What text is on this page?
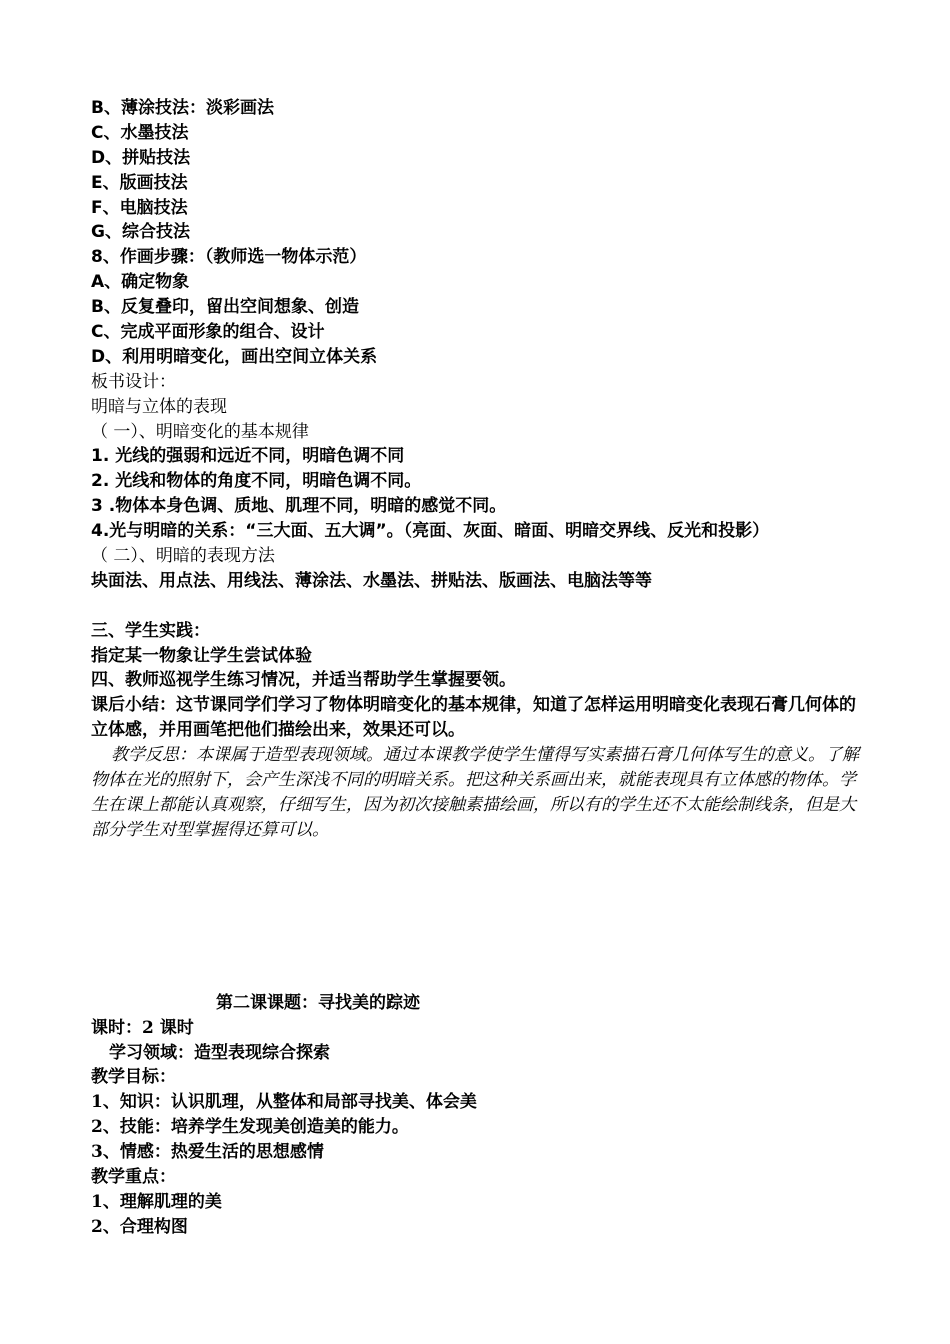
B、薄涂技法：淡彩画法
C、水墨技法
D、拼贴技法
E、版画技法
F、电脑技法
G、综合技法
8、作画步骤：（教师选一物体示范）
A、确定物象
B、反复叠印，留出空间想象、创造
C、完成平面形象的组合、设计
D、利用明暗变化，画出空间立体关系
板书设计：
明暗与立体的表现
（ 一）、明暗变化的基本规律
1. 光线的强弱和远近不同，明暗色调不同
2. 光线和物体的角度不同，明暗色调不同。
3 .物体本身色调、质地、肌理不同，明暗的感觉不同。
4.光与明暗的关系：“三大面、五大调”。（亮面、灰面、暗面、明暗交界线、反光和投影）
（ 二）、明暗的表现方法
块面法、用点法、用线法、薄涂法、水墨法、拼贴法、版画法、电脑法等等
三、学生实践：
指定某一物象让学生尝试体验
四、教师巡视学生练习情况，并适当帮助学生掌握要领。
课后小结：这节课同学们学习了物体明暗变化的基本规律，知道了怎样运用明暗变化表现石膏几何体的立体感，并用画笔把他们描绘出来，效果还可以。
教学反思：本课属于造型表现领域。通过本课教学使学生懂得写实素描石膏几何体写生的意义。了解物体在光的照射下，会产生深浅不同的明暗关系。把这种关系画出来，就能表现具有立体感的物体。学生在课上都能认真观察，仔细写生，因为初次接触素描绘画，所以有的学生还不太能绘制线条，但是大部分学生对型掌握得还算可以。
第二课课题：寻找美的踪迹
课时：2 课时
学习领域：造型表现综合探索
教学目标：
1、知识：认识肌理，从整体和局部寻找美、体会美
2、技能：培养学生发现美创造美的能力。
3、情感：热爱生活的思想感情
教学重点：
1、理解肌理的美
2、合理构图
